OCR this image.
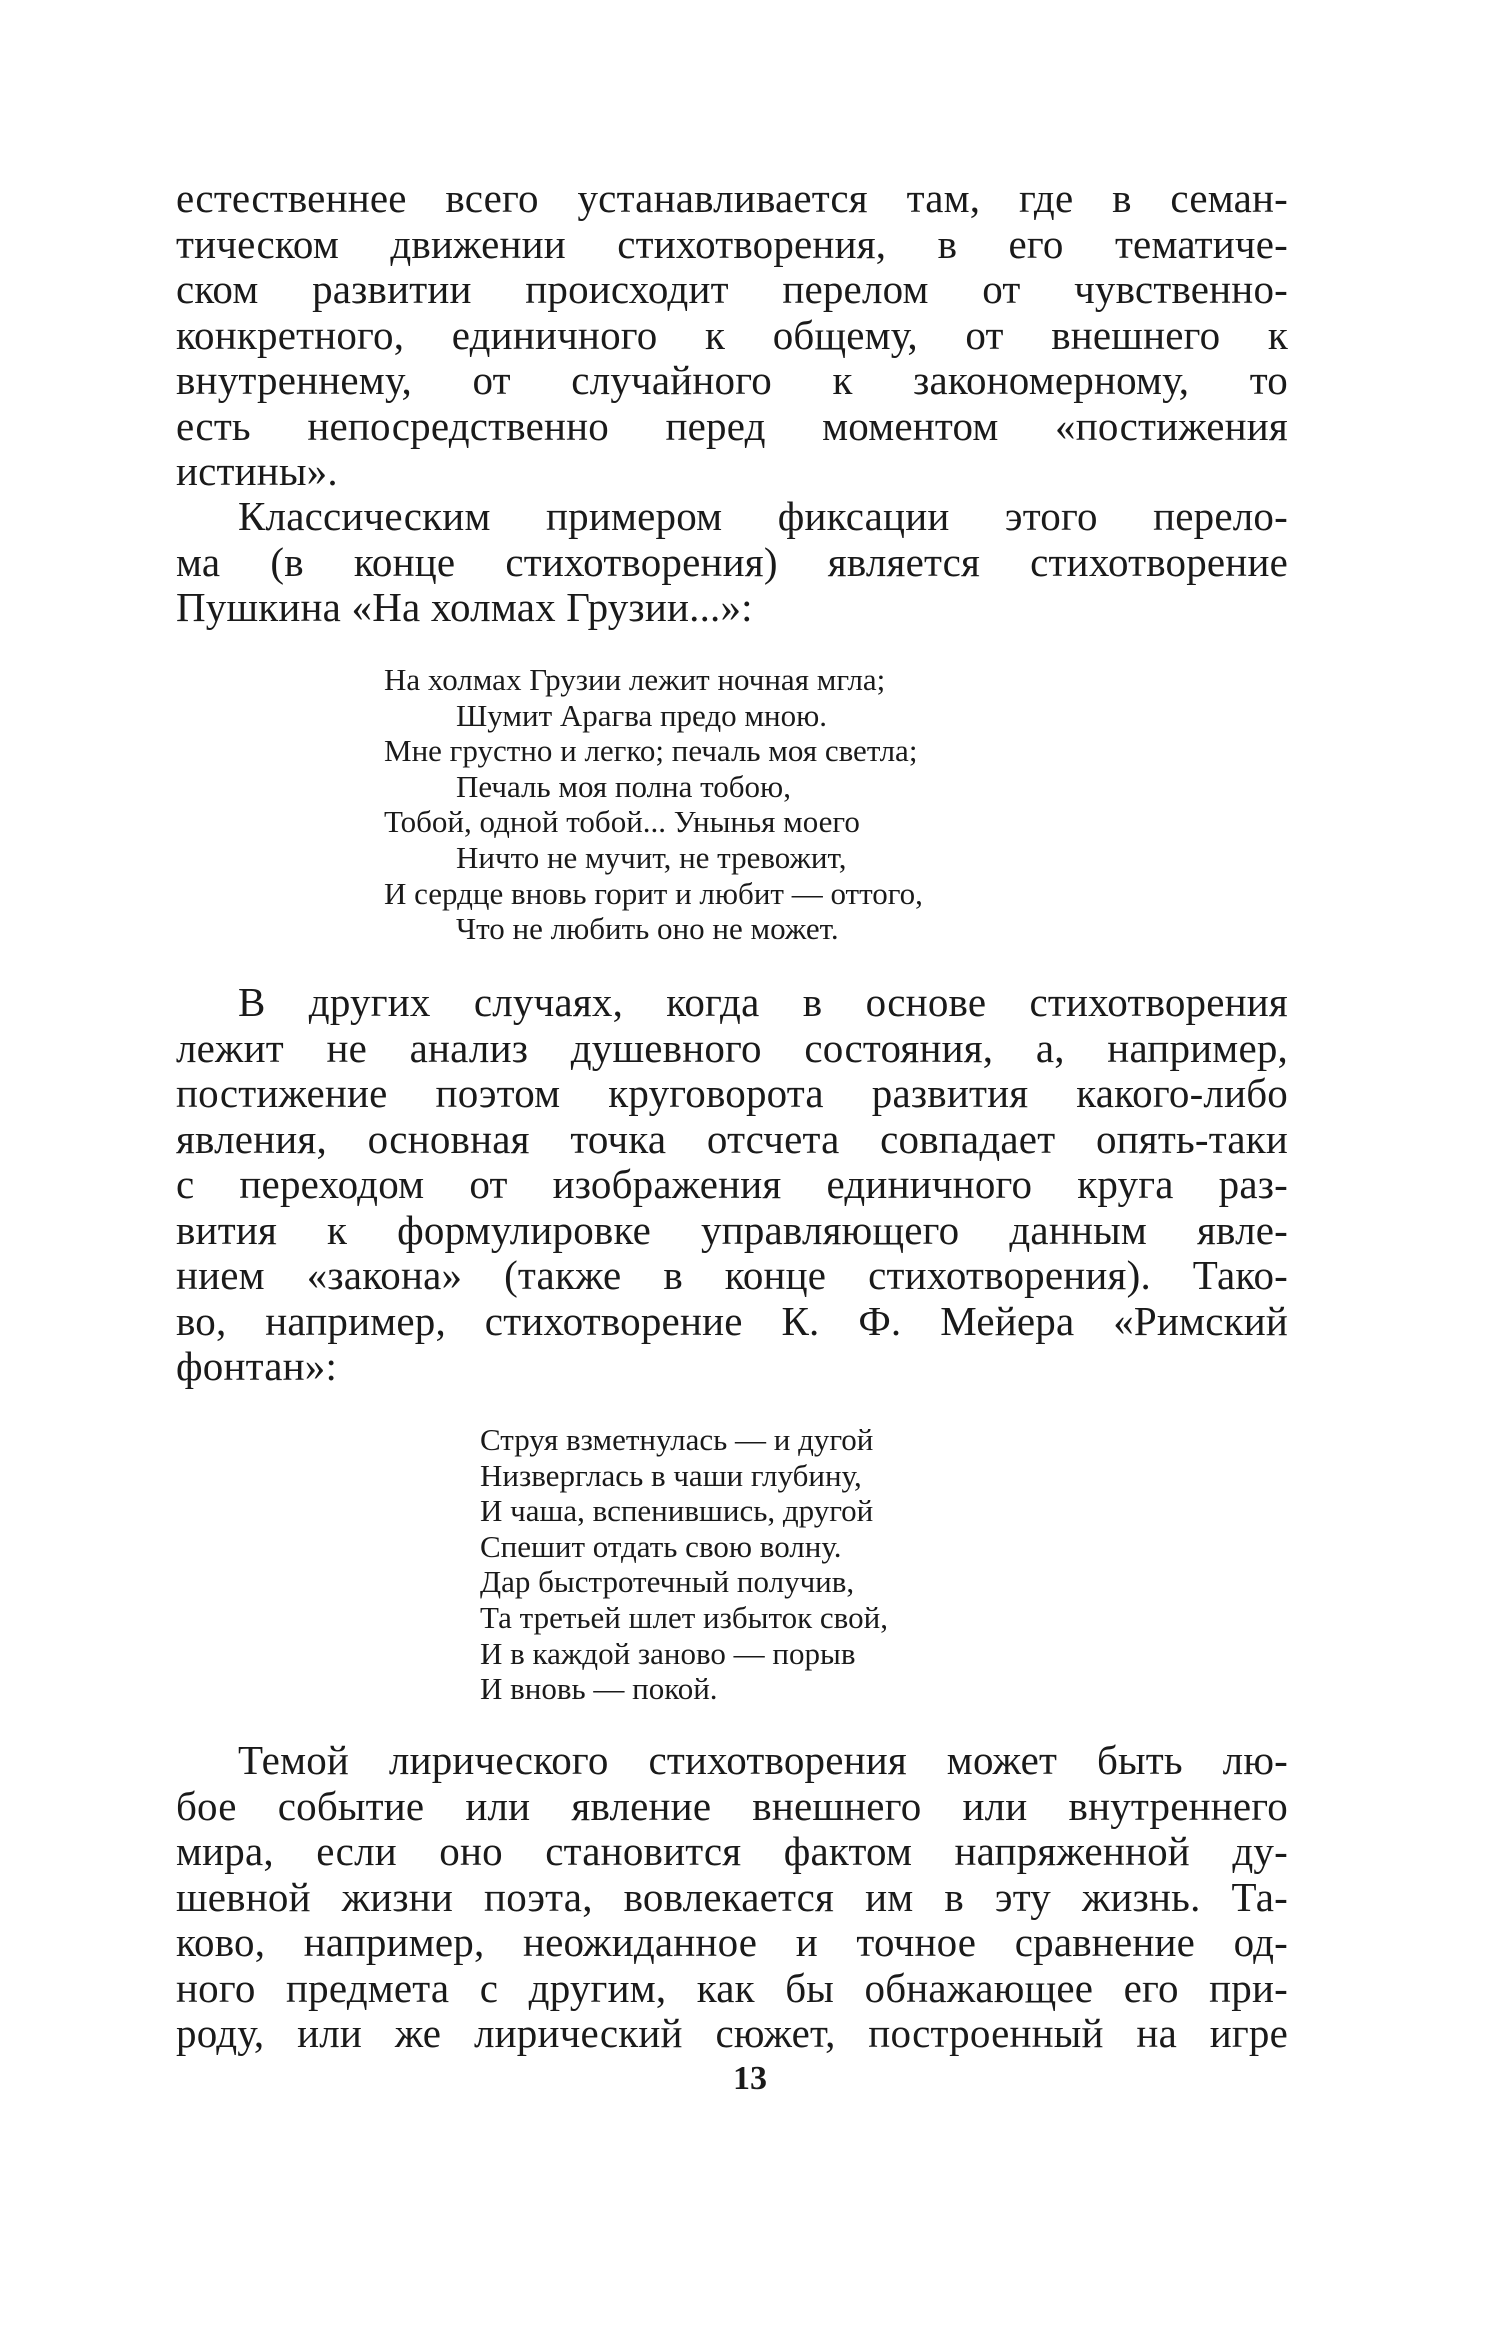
естественнее всего устанавливается там, где в семан-
тическом движении стихотворения, в его тематиче-
ском развитии происходит перелом от чувственно-
конкретного, единичного к общему, от внешнего к
внутреннему, от случайного к закономерному, то
есть непосредственно перед моментом «постижения
истины».
Классическим примером фиксации этого перело-
ма (в конце стихотворения) является стихотворение
Пушкина «На холмах Грузии...»:
На холмах Грузии лежит ночная мгла;
Шумит Арагва предо мною.
Мне грустно и легко; печаль моя светла;
Печаль моя полна тобою,
Тобой, одной тобой... Унынья моего
Ничто не мучит, не тревожит,
И сердце вновь горит и любит — оттого,
Что не любить оно не может.
В других случаях, когда в основе стихотворения
лежит не анализ душевного состояния, а, например,
постижение поэтом круговорота развития какого-либо
явления, основная точка отсчета совпадает опять-таки
с переходом от изображения единичного круга раз-
вития к формулировке управляющего данным явле-
нием «закона» (также в конце стихотворения). Тако-
во, например, стихотворение К. Ф. Мейера «Римский
фонтан»:
Струя взметнулась — и дугой
Низверглась в чаши глубину,
И чаша, вспенившись, другой
Спешит отдать свою волну.
Дар быстротечный получив,
Та третьей шлет избыток свой,
И в каждой заново — порыв
И вновь — покой.
Темой лирического стихотворения может быть лю-
бое событие или явление внешнего или внутреннего
мира, если оно становится фактом напряженной ду-
шевной жизни поэта, вовлекается им в эту жизнь. Та-
ково, например, неожиданное и точное сравнение од-
ного предмета с другим, как бы обнажающее его при-
роду, или же лирический сюжет, построенный на игре
13
